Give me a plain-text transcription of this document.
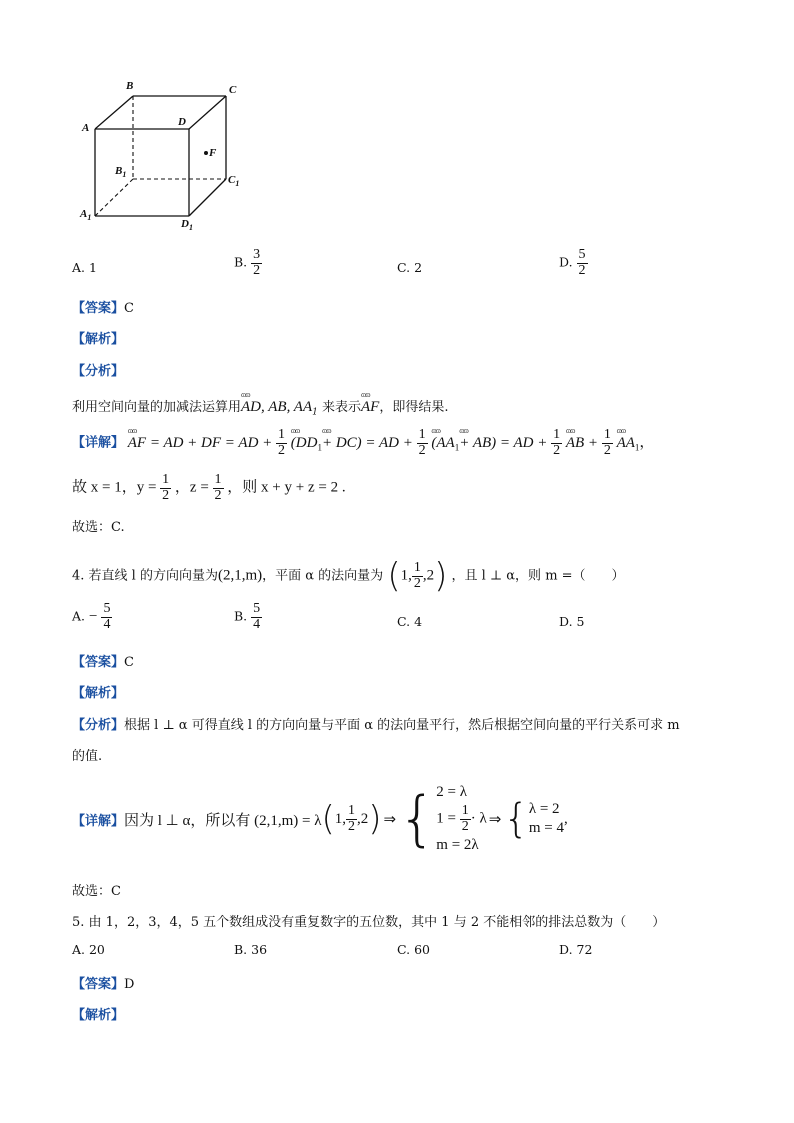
B	C
A	D
F
$B_1$	$C_1$
$A_1$
$D_1$
A. 1	B. $\frac{3}{2}$	C. 2	D. $\frac{5}{2}$
【答案】C
【解析】
【分析】
利用空间向量的加减法运算用ɷɷ AD, AB, $AA_1$ 来表示ɷɷ AF，即得结果.
【详解】 ɷɷ AF = AD + DF = AD + $\frac{1}{2}$ ɷɷ $(DD_1ɷɷ + DC)$ = AD + $\frac{1}{2}$ ɷɷ $(AA_1ɷɷ + AB)$ = AD + $\frac{1}{2}$ ɷɷ AB + $\frac{1}{2}$ ɷɷ $AA_1$，
故 x = 1，$y = \frac{1}{2}$ ，$z = \frac{1}{2}$ ，则 x + y + z = 2 .
故选：C.
4. 若直线 l 的方向向量为(2,1,m)，平面 α 的法向量为 (1, $\frac{1}{2} ,2$) ，且 l ⊥ α，则 m =（　　）
A. − $\frac{5}{4}$	B. $\frac{5}{4}$	C. 4	D. 5
【答案】C
【解析】
【分析】根据 l ⊥ α 可得直线 l 的方向向量与平面 α 的法向量平行，然后根据空间向量的平行关系可求 m
的值.
【详解】 因为 l ⊥ α，所以有 (2,1,m) = λ ( 1, $\frac{1}{2} ,2$ ) ⇒ { 2 = λ
$1 = \frac{1}{2} \cdot \lambda$
m = 2λ
⇒ { λ = 2
m = 4
,
故选：C
5. 由 1，2，3，4，5 五个数组成没有重复数字的五位数，其中 1 与 2 不能相邻的排法总数为（　　）
A. 20	B. 36	C. 60	D. 72
【答案】D
【解析】
